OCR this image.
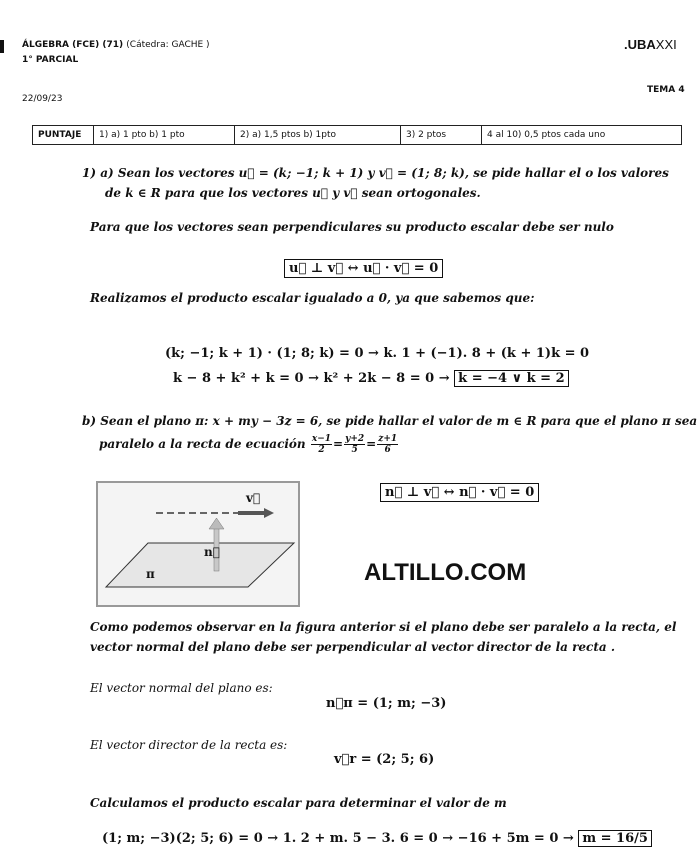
ÁLGEBRA (FCE) (71) (Cátedra: GACHE )
1° PARCIAL
22/09/23
.UBAXXI
TEMA 4
PUNTAJE	1) a) 1 pto b) 1 pto	2) a) 1,5 ptos b) 1pto	3) 2 ptos	4 al 10) 0,5 ptos cada uno
1) a) Sean los vectores u⃗ = (k; −1; k + 1) y v⃗ = (1; 8; k), se pide hallar el o los valores
de k ∈ R para que los vectores u⃗ y v⃗ sean ortogonales.
Para que los vectores sean perpendiculares su producto escalar debe ser nulo
u⃗ ⊥ v⃗ ↔ u⃗ · v⃗ = 0
Realizamos el producto escalar igualado a 0, ya que sabemos que:
(k; −1; k + 1) · (1; 8; k) = 0 → k. 1 + (−1). 8 + (k + 1)k = 0
k − 8 + k² + k = 0 → k² + 2k − 8 = 0 → k = −4 ∨ k = 2
b) Sean el plano π: x + my − 3z = 6, se pide hallar el valor de m ∈ R para que el plano π sea
paralelo a la recta de ecuación $\frac{x-1}{2} = \frac{y+2}{5} = \frac{z+1}{6}$
v⃗
n⃗
π
n⃗ ⊥ v⃗ ↔ n⃗ · v⃗ = 0
ALTILLO.COM
Como podemos observar en la figura anterior si el plano debe ser paralelo a la recta, el
vector normal del plano debe ser perpendicular al vector director de la recta .
El vector normal del plano es:
n⃗π = (1; m; −3)
El vector director de la recta es:
v⃗r = (2; 5; 6)
Calculamos el producto escalar para determinar el valor de m
(1; m; −3)(2; 5; 6) = 0 → 1. 2 + m. 5 − 3. 6 = 0 → −16 + 5m = 0 → m = 16/5
